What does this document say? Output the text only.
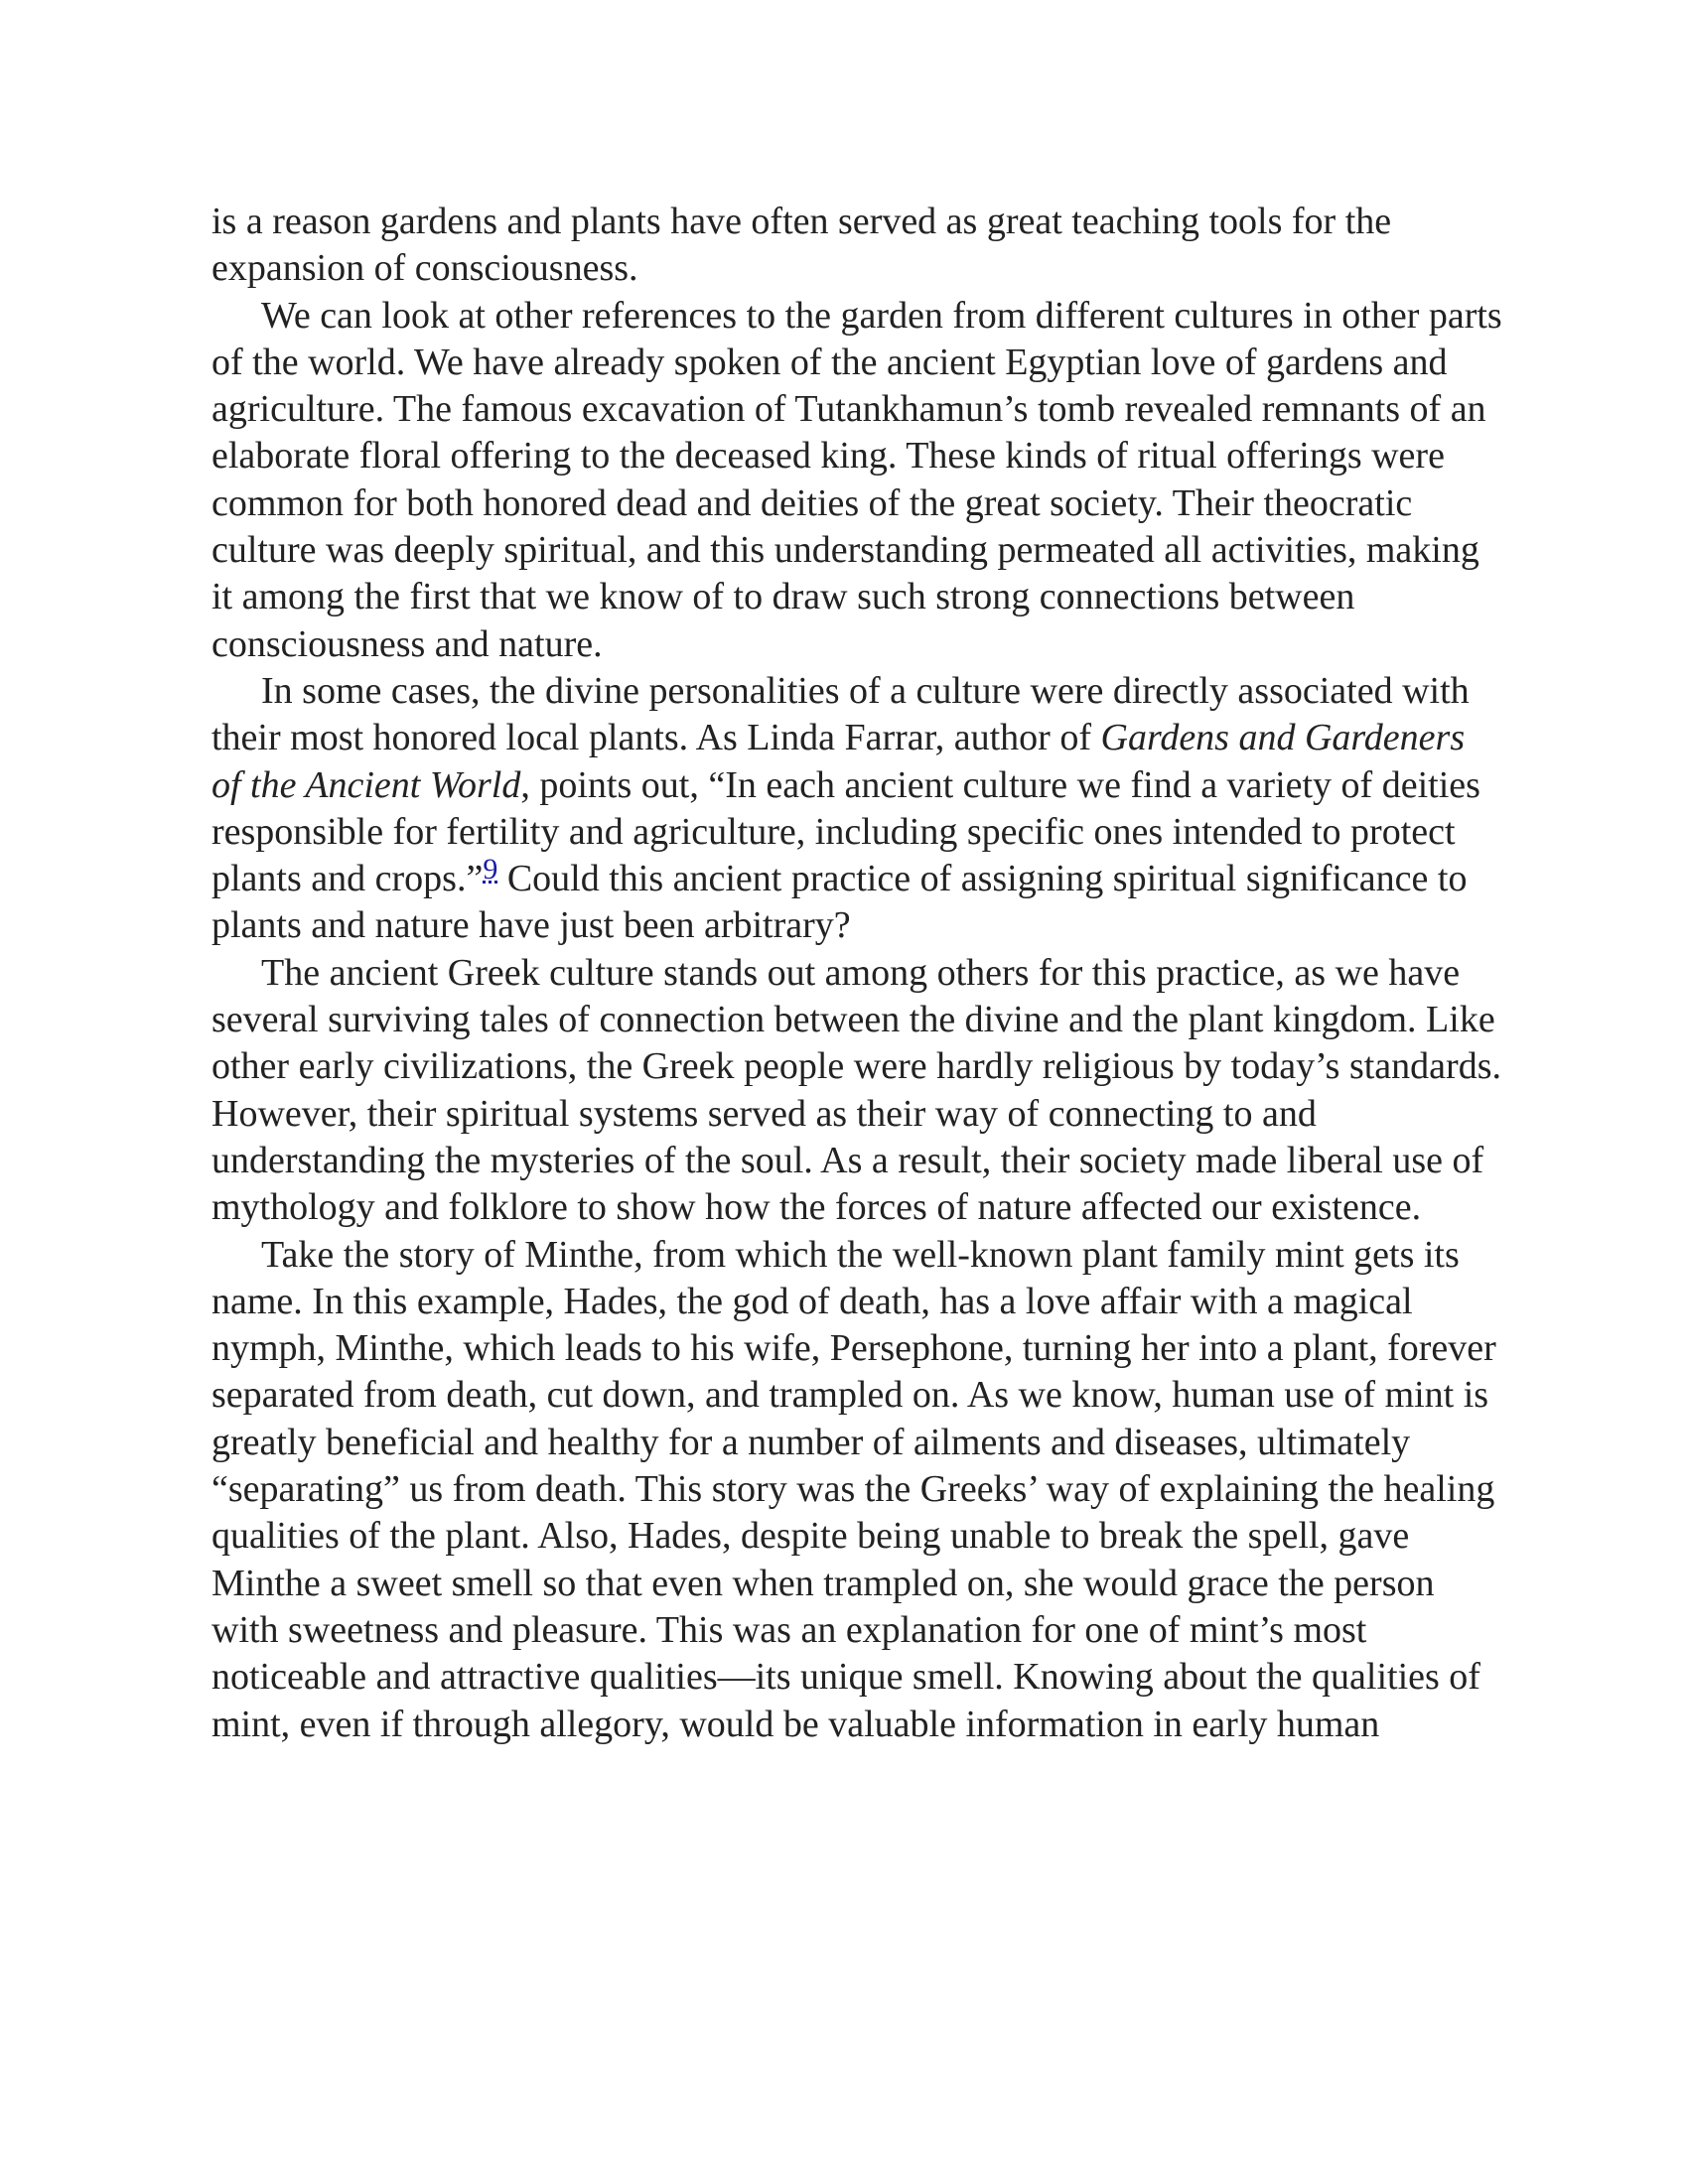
is a reason gardens and plants have often served as great teaching tools for the expansion of consciousness.

We can look at other references to the garden from different cultures in other parts of the world. We have already spoken of the ancient Egyptian love of gardens and agriculture. The famous excavation of Tutankhamun’s tomb revealed remnants of an elaborate floral offering to the deceased king. These kinds of ritual offerings were common for both honored dead and deities of the great society. Their theocratic culture was deeply spiritual, and this understanding permeated all activities, making it among the first that we know of to draw such strong connections between consciousness and nature.

In some cases, the divine personalities of a culture were directly associated with their most honored local plants. As Linda Farrar, author of Gardens and Gardeners of the Ancient World, points out, “In each ancient culture we find a variety of deities responsible for fertility and agriculture, including specific ones intended to protect plants and crops.”$^9$ Could this ancient practice of assigning spiritual significance to plants and nature have just been arbitrary?

The ancient Greek culture stands out among others for this practice, as we have several surviving tales of connection between the divine and the plant kingdom. Like other early civilizations, the Greek people were hardly religious by today’s standards. However, their spiritual systems served as their way of connecting to and understanding the mysteries of the soul. As a result, their society made liberal use of mythology and folklore to show how the forces of nature affected our existence.

Take the story of Minthe, from which the well-known plant family mint gets its name. In this example, Hades, the god of death, has a love affair with a magical nymph, Minthe, which leads to his wife, Persephone, turning her into a plant, forever separated from death, cut down, and trampled on. As we know, human use of mint is greatly beneficial and healthy for a number of ailments and diseases, ultimately “separating” us from death. This story was the Greeks’ way of explaining the healing qualities of the plant. Also, Hades, despite being unable to break the spell, gave Minthe a sweet smell so that even when trampled on, she would grace the person with sweetness and pleasure. This was an explanation for one of mint’s most noticeable and attractive qualities—its unique smell. Knowing about the qualities of mint, even if through allegory, would be valuable information in early human
